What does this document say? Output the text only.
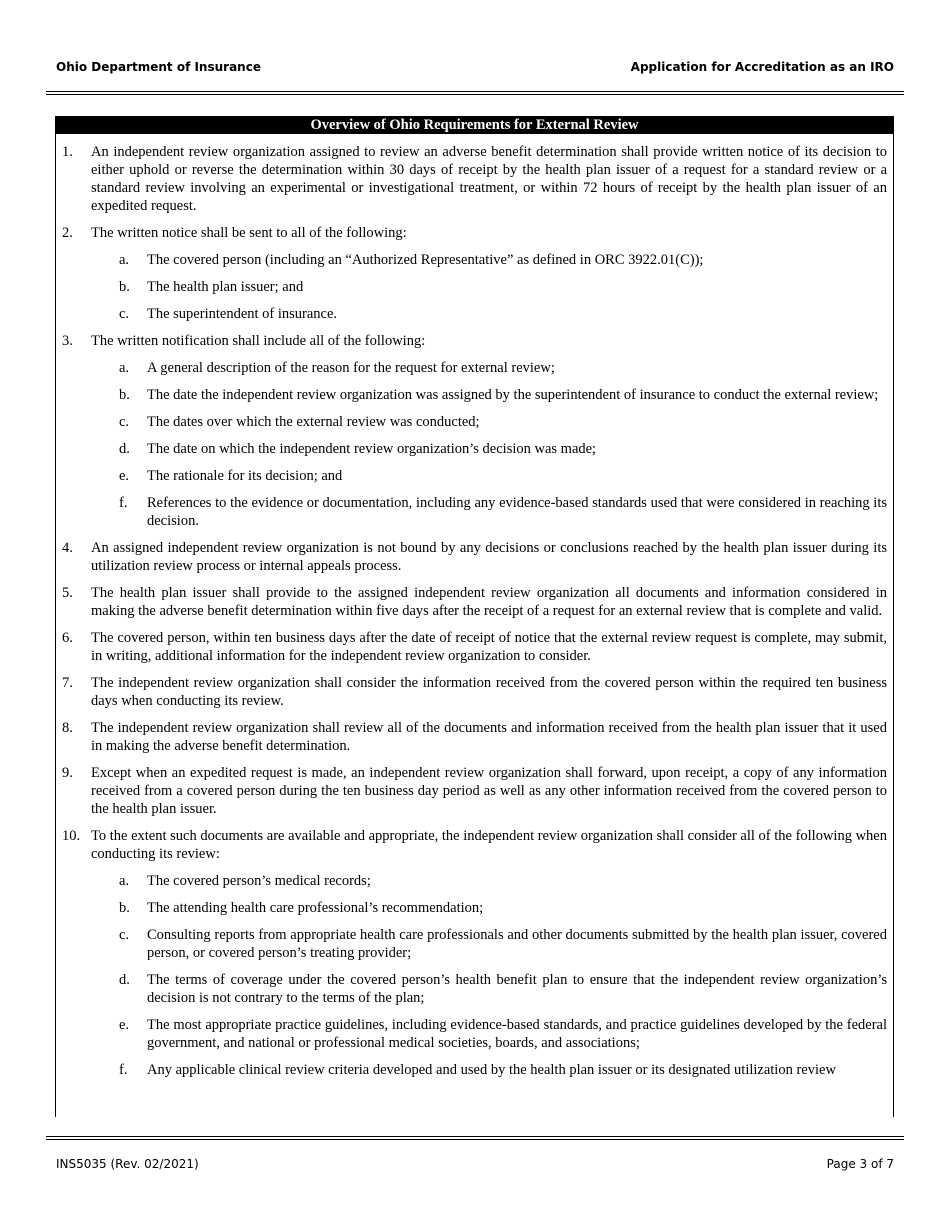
Ohio Department of Insurance	Application for Accreditation as an IRO
Overview of Ohio Requirements for External Review
1. An independent review organization assigned to review an adverse benefit determination shall provide written notice of its decision to either uphold or reverse the determination within 30 days of receipt by the health plan issuer of a request for a standard review or a standard review involving an experimental or investigational treatment, or within 72 hours of receipt by the health plan issuer of an expedited request.
2. The written notice shall be sent to all of the following:
a. The covered person (including an “Authorized Representative” as defined in ORC 3922.01(C));
b. The health plan issuer; and
c. The superintendent of insurance.
3. The written notification shall include all of the following:
a. A general description of the reason for the request for external review;
b. The date the independent review organization was assigned by the superintendent of insurance to conduct the external review;
c. The dates over which the external review was conducted;
d. The date on which the independent review organization’s decision was made;
e. The rationale for its decision; and
f. References to the evidence or documentation, including any evidence-based standards used that were considered in reaching its decision.
4. An assigned independent review organization is not bound by any decisions or conclusions reached by the health plan issuer during its utilization review process or internal appeals process.
5. The health plan issuer shall provide to the assigned independent review organization all documents and information considered in making the adverse benefit determination within five days after the receipt of a request for an external review that is complete and valid.
6. The covered person, within ten business days after the date of receipt of notice that the external review request is complete, may submit, in writing, additional information for the independent review organization to consider.
7. The independent review organization shall consider the information received from the covered person within the required ten business days when conducting its review.
8. The independent review organization shall review all of the documents and information received from the health plan issuer that it used in making the adverse benefit determination.
9. Except when an expedited request is made, an independent review organization shall forward, upon receipt, a copy of any information received from a covered person during the ten business day period as well as any other information received from the covered person to the health plan issuer.
10. To the extent such documents are available and appropriate, the independent review organization shall consider all of the following when conducting its review:
a. The covered person’s medical records;
b. The attending health care professional’s recommendation;
c. Consulting reports from appropriate health care professionals and other documents submitted by the health plan issuer, covered person, or covered person’s treating provider;
d. The terms of coverage under the covered person’s health benefit plan to ensure that the independent review organization’s decision is not contrary to the terms of the plan;
e. The most appropriate practice guidelines, including evidence-based standards, and practice guidelines developed by the federal government, and national or professional medical societies, boards, and associations;
f. Any applicable clinical review criteria developed and used by the health plan issuer or its designated utilization review
INS5035 (Rev. 02/2021)	Page 3 of 7
